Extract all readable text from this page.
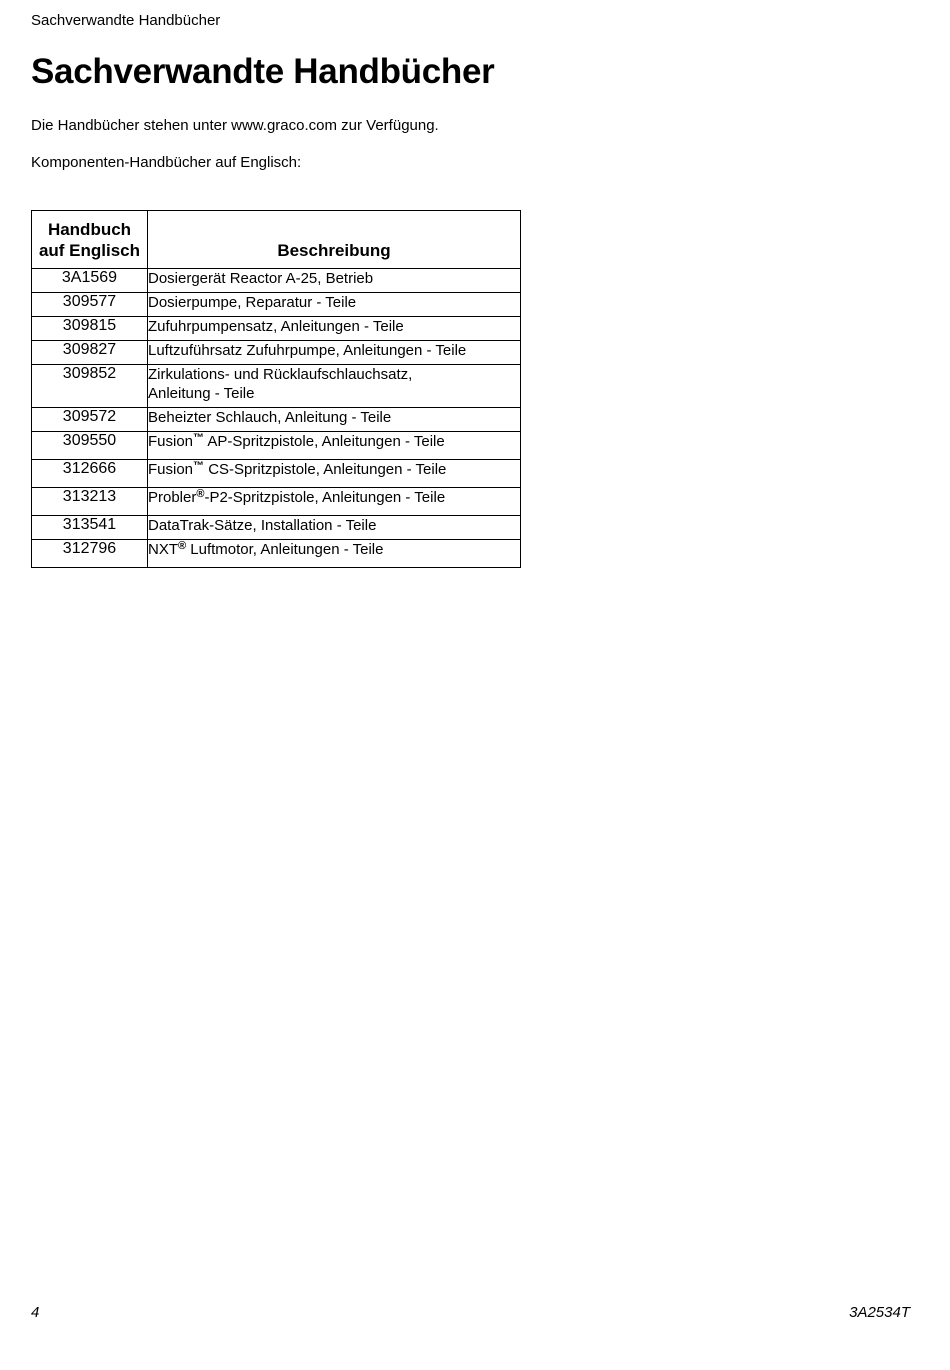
Sachverwandte Handbücher
Sachverwandte Handbücher

Die Handbücher stehen unter www.graco.com zur Verfügung.

Komponenten-Handbücher auf Englisch:

Handbuch
auf Englisch	Beschreibung
3A1569	Dosiergerät Reactor A-25, Betrieb
309577	Dosierpumpe, Reparatur - Teile
309815	Zufuhrpumpensatz, Anleitungen - Teile
309827	Luftzuführsatz Zufuhrpumpe, Anleitungen - Teile
309852	Zirkulations- und Rücklaufschlauchsatz,
Anleitung - Teile
309572	Beheizter Schlauch, Anleitung - Teile
309550	Fusion™ AP-Spritzpistole, Anleitungen - Teile
312666	Fusion™ CS-Spritzpistole, Anleitungen - Teile
313213	Probler®-P2-Spritzpistole, Anleitungen - Teile
313541	DataTrak-Sätze, Installation - Teile
312796	NXT® Luftmotor, Anleitungen - Teile
4	3A2534T
